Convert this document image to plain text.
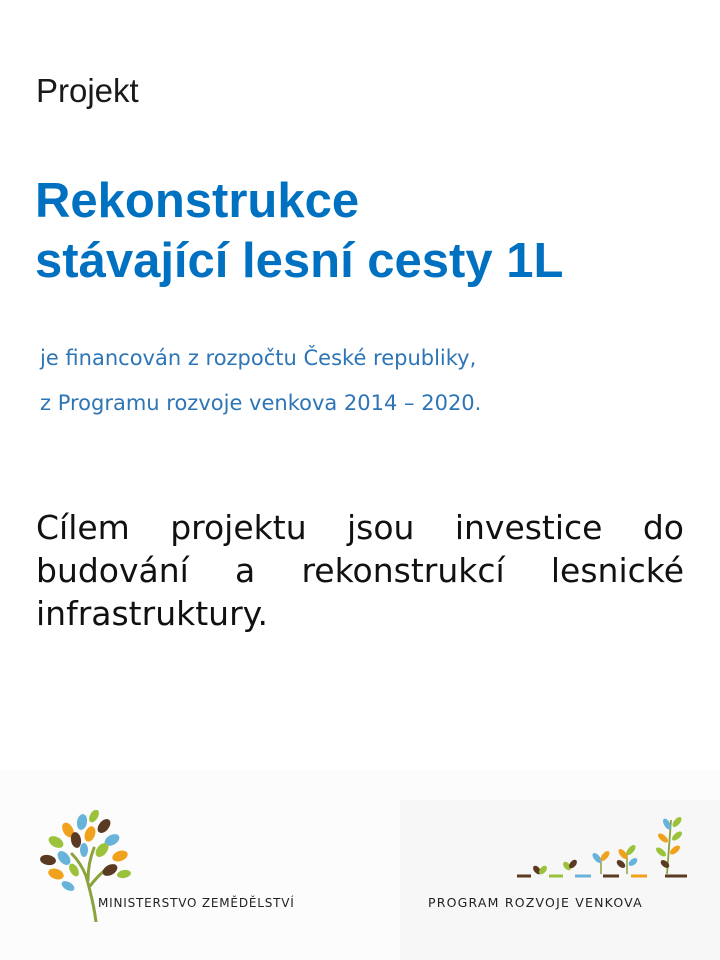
Projekt
Rekonstrukce
stávající lesní cesty 1L
je financován z rozpočtu České republiky,
z Programu rozvoje venkova 2014 – 2020.
Cílem projektu jsou investice do budování a rekonstrukcí lesnické infrastruktury.
MINISTERSTVO ZEMĚDĚLSTVÍ	PROGRAM ROZVOJE VENKOVA
